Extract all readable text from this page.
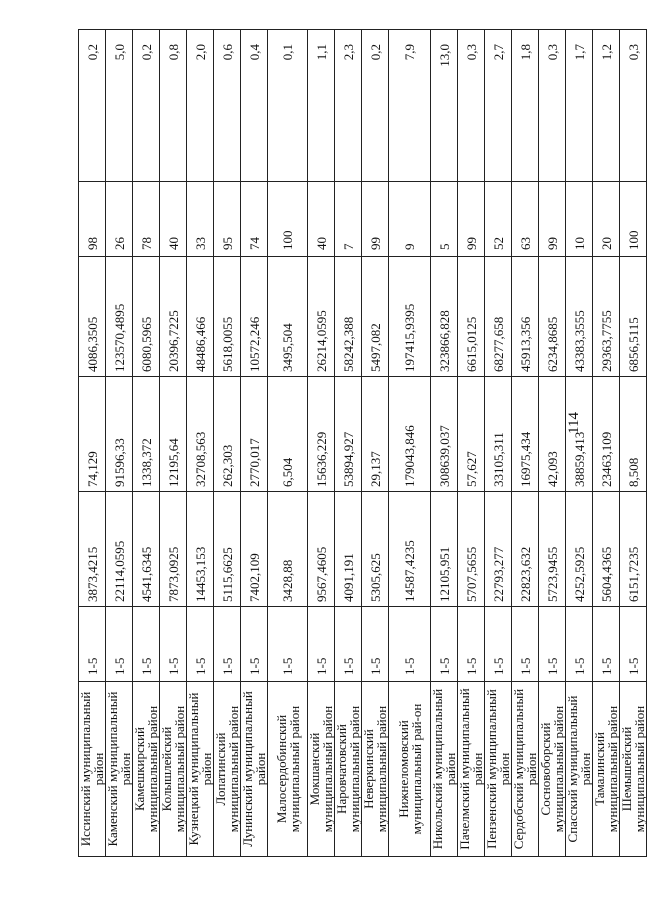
Иссинский муниципальный район	1-5	3873,4215	74,129	4086,3505	98	0,2
Каменский муниципальный район	1-5	22114,0595	91596,33	123570,4895	26	5,0
Камешкирский муниципальный район	1-5	4541,6345	1338,372	6080,5965	78	0,2
Колышлейский муниципальный район	1-5	7873,0925	12195,64	20396,7225	40	0,8
Кузнецкий муниципальный район	1-5	14453,153	32708,563	48486,466	33	2,0
Лопатинский муниципальный район	1-5	5115,6625	262,303	5618,0055	95	0,6
Лунинский муниципальный район	1-5	7402,109	2770,017	10572,246	74	0,4
Малосердобинский муниципальный район	1-5	3428,88	6,504	3495,504	100	0,1
Мокшанский муниципальный район	1-5	9567,4605	15636,229	26214,0595	40	1,1
Наровчатовский муниципальный район	1-5	4091,191	53894,927	58242,388	7	2,3
Неверкинский муниципальный район	1-5	5305,625	29,137	5497,082	99	0,2
Нижнеломовский муниципальный рай-он	1-5	14587,4235	179043,846	197415,9395	9	7,9
Никольский муниципальный район	1-5	12105,951	308639,037	323866,828	5	13,0
Пачелмский муниципальный район	1-5	5707,5655	57,627	6615,0125	99	0,3
Пензенский муниципальный район	1-5	22793,277	33105,311	68277,658	52	2,7
Сердобский муниципальный район	1-5	22823,632	16975,434	45913,356	63	1,8
Сосновоборский муниципальный район	1-5	5723,9455	42,093	6234,8685	99	0,3
Спасский муниципальный район	1-5	4252,5925	38859,413	43383,3555	10	1,7
Тамалинский муниципальный район	1-5	5604,4365	23463,109	29363,7755	20	1,2
Шемышейский муниципальный район	1-5	6151,7235	8,508	6856,5115	100	0,3
114
